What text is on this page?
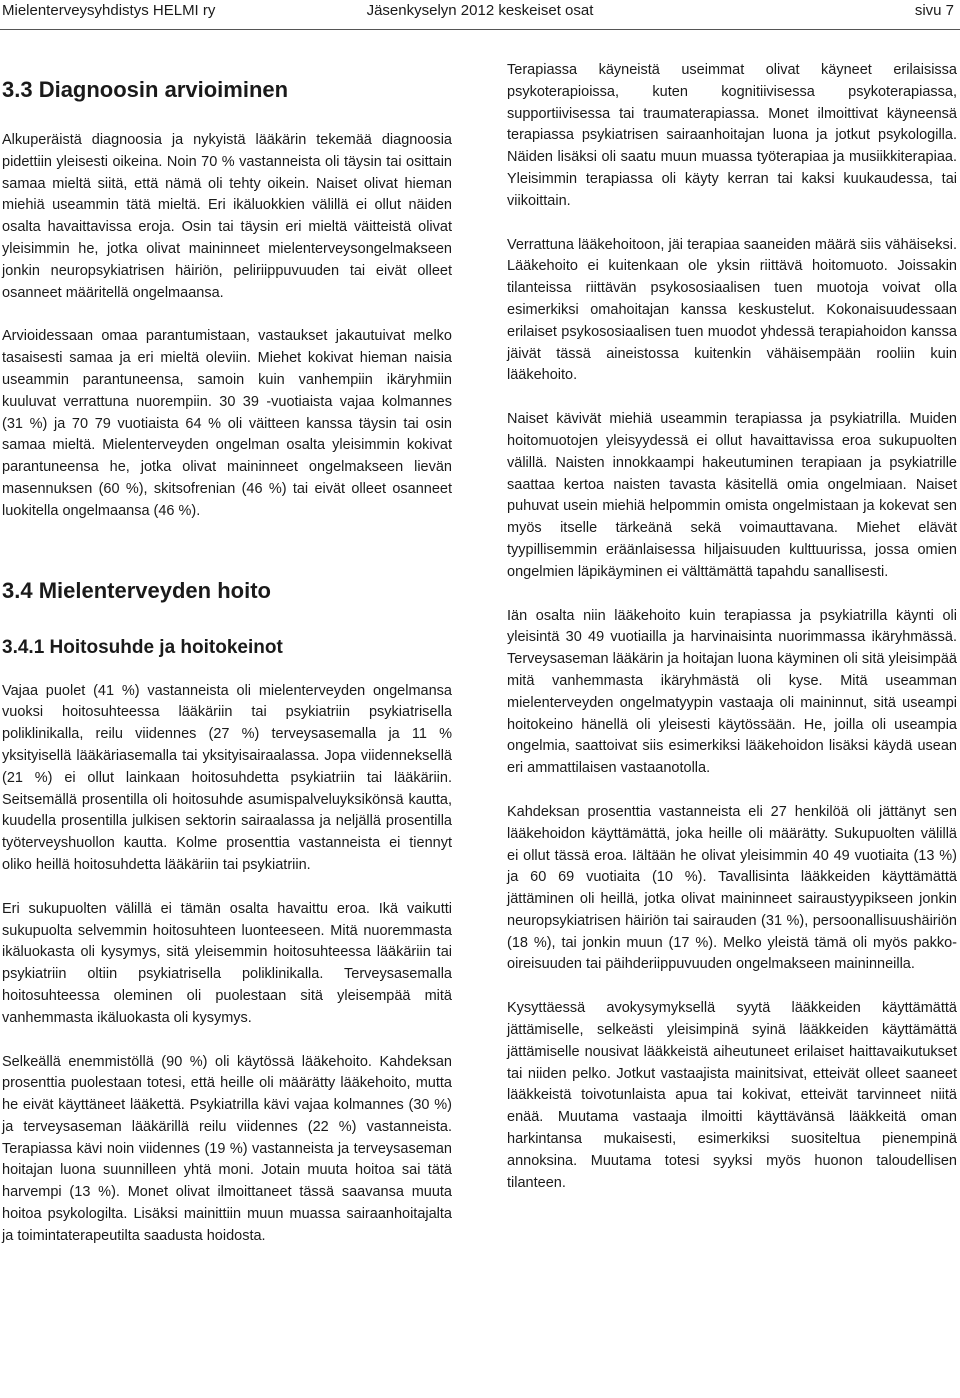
Mielenterveysyhdistys HELMI ry	Jäsenkyselyn 2012 keskeiset osat	sivu 7
3.3 Diagnoosin arvioiminen

Alkuperäistä diagnoosia ja nykyistä lääkärin tekemää diagnoosia pidettiin yleisesti oikeina. Noin 70 % vastanneista oli täysin tai osittain samaa mieltä siitä, että nämä oli tehty oikein. Naiset olivat hieman miehiä useammin tätä mieltä. Eri ikäluokkien välillä ei ollut näiden osalta havaittavissa eroja. Osin tai täysin eri mieltä väitteistä olivat yleisimmin he, jotka olivat maininneet mielenterveysongelmakseen jonkin neuropsykiatrisen häiriön, peliriippuvuuden tai eivät olleet osanneet määritellä ongelmaansa.

Arvioidessaan omaa parantumistaan, vastaukset jakautuivat melko tasaisesti samaa ja eri mieltä oleviin. Miehet kokivat hieman naisia useammin parantuneensa, samoin kuin vanhempiin ikäryhmiin kuuluvat verrattuna nuorempiin. 30 39 -vuotiaista vajaa kolmannes (31 %) ja 70 79 vuotiaista 64 % oli väitteen kanssa täysin tai osin samaa mieltä. Mielenterveyden ongelman osalta yleisimmin kokivat parantuneensa he, jotka olivat maininneet ongelmakseen lievän masennuksen (60 %), skitsofrenian (46 %) tai eivät olleet osanneet luokitella ongelmaansa (46 %).

3.4 Mielenterveyden hoito
3.4.1 Hoitosuhde ja hoitokeinot

Vajaa puolet (41 %) vastanneista oli mielenterveyden ongelmansa vuoksi hoitosuhteessa lääkäriin tai psykiatriin psykiatrisella poliklinikalla, reilu viidennes (27 %) terveysasemalla ja 11 % yksityisellä lääkäriasemalla tai yksityisairaalassa. Jopa viidenneksellä (21 %) ei ollut lainkaan hoitosuhdetta psykiatriin tai lääkäriin. Seitsemällä prosentilla oli hoitosuhde asumispalveluyksikönsä kautta, kuudella prosentilla julkisen sektorin sairaalassa ja neljällä prosentilla työterveyshuollon kautta. Kolme prosenttia vastanneista ei tiennyt oliko heillä hoitosuhdetta lääkäriin tai psykiatriin.

Eri sukupuolten välillä ei tämän osalta havaittu eroa. Ikä vaikutti sukupuolta selvemmin hoitosuhteen luonteeseen. Mitä nuoremmasta ikäluokasta oli kysymys, sitä yleisemmin hoitosuhteessa lääkäriin tai psykiatriin oltiin psykiatrisella poliklinikalla. Terveysasemalla hoitosuhteessa oleminen oli puolestaan sitä yleisempää mitä vanhemmasta ikäluokasta oli kysymys.

Selkeällä enemmistöllä (90 %) oli käytössä lääkehoito. Kahdeksan prosenttia puolestaan totesi, että heille oli määrätty lääkehoito, mutta he eivät käyttäneet lääkettä. Psykiatrilla kävi vajaa kolmannes (30 %) ja terveysaseman lääkärillä reilu viidennes (22 %) vastanneista. Terapiassa kävi noin viidennes (19 %) vastanneista ja terveysaseman hoitajan luona suunnilleen yhtä moni. Jotain muuta hoitoa sai tätä harvempi (13 %). Monet olivat ilmoittaneet tässä saavansa muuta hoitoa psykologilta. Lisäksi mainittiin muun muassa sairaanhoitajalta ja toimintaterapeutilta saadusta hoidosta.

Terapiassa käyneistä useimmat olivat käyneet erilaisissa psykoterapioissa, kuten kognitiivisessa psykoterapiassa, supportiivisessa tai traumaterapiassa. Monet ilmoittivat käyneensä terapiassa psykiatrisen sairaanhoitajan luona ja jotkut psykologilla. Näiden lisäksi oli saatu muun muassa työterapiaa ja musiikkiterapiaa. Yleisimmin terapiassa oli käyty kerran tai kaksi kuukaudessa, tai viikoittain.

Verrattuna lääkehoitoon, jäi terapiaa saaneiden määrä siis vähäiseksi. Lääkehoito ei kuitenkaan ole yksin riittävä hoitomuoto. Joissakin tilanteissa riittävän psykososiaalisen tuen muotoja voivat olla esimerkiksi omahoitajan kanssa keskustelut. Kokonaisuudessaan erilaiset psykososiaalisen tuen muodot yhdessä terapiahoidon kanssa jäivät tässä aineistossa kuitenkin vähäisempään rooliin kuin lääkehoito.

Naiset kävivät miehiä useammin terapiassa ja psykiatrilla. Muiden hoitomuotojen yleisyydessä ei ollut havaittavissa eroa sukupuolten välillä. Naisten innokkaampi hakeutuminen terapiaan ja psykiatrille saattaa kertoa naisten tavasta käsitellä omia ongelmiaan. Naiset puhuvat usein miehiä helpommin omista ongelmistaan ja kokevat sen myös itselle tärkeänä sekä voimauttavana. Miehet elävät tyypillisemmin eräänlaisessa hiljaisuuden kulttuurissa, jossa omien ongelmien läpikäyminen ei välttämättä tapahdu sanallisesti.

Iän osalta niin lääkehoito kuin terapiassa ja psykiatrilla käynti oli yleisintä 30 49 vuotiailla ja harvinaisinta nuorimmassa ikäryhmässä. Terveysaseman lääkärin ja hoitajan luona käyminen oli sitä yleisimpää mitä vanhemmasta ikäryhmästä oli kyse. Mitä useamman mielenterveyden ongelmatyypin vastaaja oli maininnut, sitä useampi hoitokeino hänellä oli yleisesti käytössään. He, joilla oli useampia ongelmia, saattoivat siis esimerkiksi lääkehoidon lisäksi käydä usean eri ammattilaisen vastaanotolla.

Kahdeksan prosenttia vastanneista eli 27 henkilöä oli jättänyt sen lääkehoidon käyttämättä, joka heille oli määrätty. Sukupuolten välillä ei ollut tässä eroa. Iältään he olivat yleisimmin 40 49 vuotiaita (13 %) ja 60 69 vuotiaita (10 %). Tavallisinta lääkkeiden käyttämättä jättäminen oli heillä, jotka olivat maininneet sairaustyypikseen jonkin neuropsykiatrisen häiriön tai sairauden (31 %), persoonallisuushäiriön (18 %), tai jonkin muun (17 %). Melko yleistä tämä oli myös pakko-oireisuuden tai päihderiippuvuuden ongelmakseen maininneilla.

Kysyttäessä avokysymyksellä syytä lääkkeiden käyttämättä jättämiselle, selkeästi yleisimpinä syinä lääkkeiden käyttämättä jättämiselle nousivat lääkkeistä aiheutuneet erilaiset haittavaikutukset tai niiden pelko. Jotkut vastaajista mainitsivat, etteivät olleet saaneet lääkkeistä toivotunlaista apua tai kokivat, etteivät tarvinneet niitä enää. Muutama vastaaja ilmoitti käyttävänsä lääkkeitä oman harkintansa mukaisesti, esimerkiksi suositeltua pienempinä annoksina. Muutama totesi syyksi myös huonon taloudellisen tilanteen.
